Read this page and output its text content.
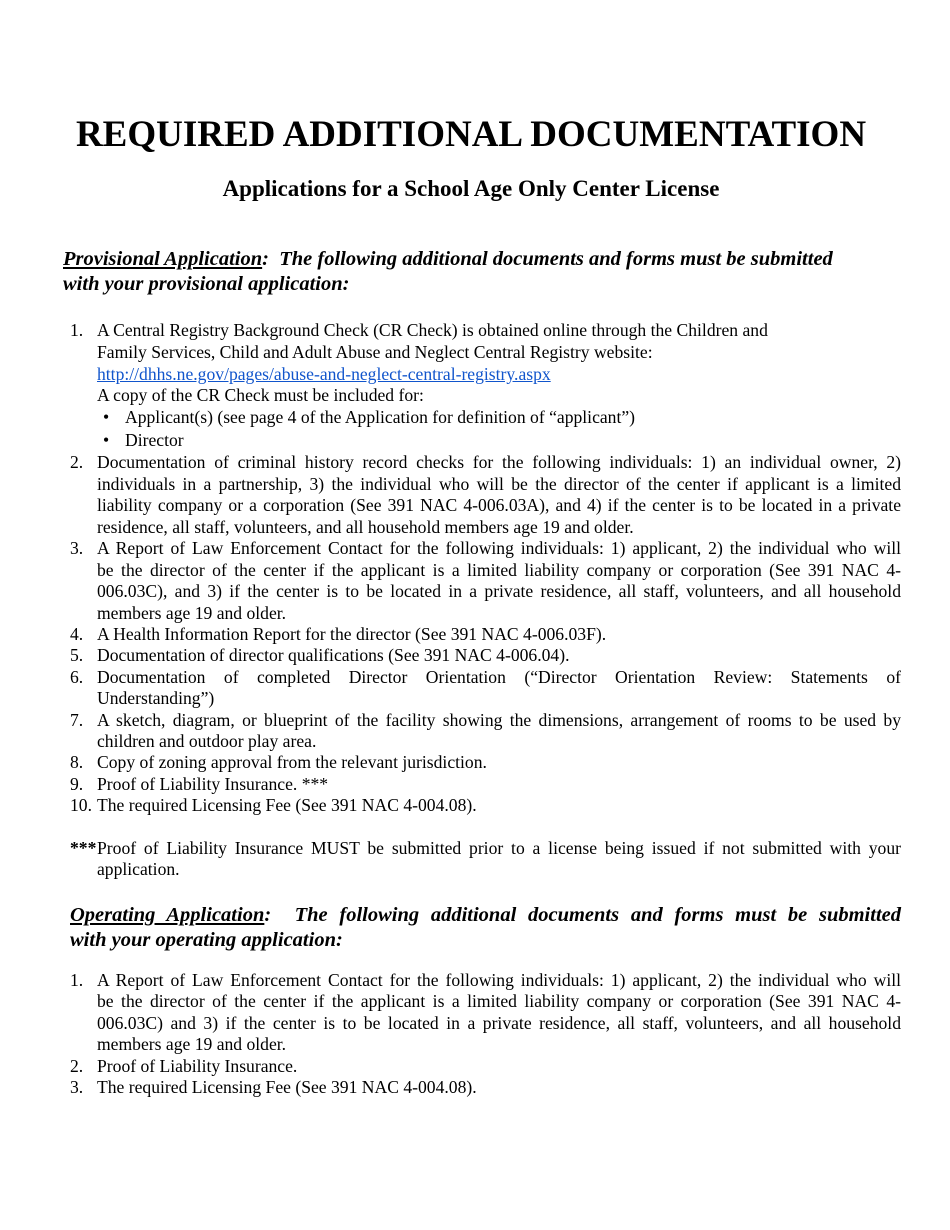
REQUIRED ADDITIONAL DOCUMENTATION
Applications for a School Age Only Center License
Provisional Application: The following additional documents and forms must be submitted
with your provisional application:
1. A Central Registry Background Check (CR Check) is obtained online through the Children and
Family Services, Child and Adult Abuse and Neglect Central Registry website:
http://dhhs.ne.gov/pages/abuse-and-neglect-central-registry.aspx
A copy of the CR Check must be included for:
• Applicant(s) (see page 4 of the Application for definition of “applicant”)
• Director
2. Documentation of criminal history record checks for the following individuals: 1) an individual owner, 2)
individuals in a partnership, 3) the individual who will be the director of the center if applicant is a limited
liability company or a corporation (See 391 NAC 4-006.03A), and 4) if the center is to be located in a private
residence, all staff, volunteers, and all household members age 19 and older.
3. A Report of Law Enforcement Contact for the following individuals: 1) applicant, 2) the individual who will
be the director of the center if the applicant is a limited liability company or corporation (See 391 NAC 4-
006.03C), and 3) if the center is to be located in a private residence, all staff, volunteers, and all household
members age 19 and older.
4. A Health Information Report for the director (See 391 NAC 4-006.03F).
5. Documentation of director qualifications (See 391 NAC 4-006.04).
6. Documentation of completed Director Orientation (“Director Orientation Review: Statements of
Understanding”)
7. A sketch, diagram, or blueprint of the facility showing the dimensions, arrangement of rooms to be used by
children and outdoor play area.
8. Copy of zoning approval from the relevant jurisdiction.
9. Proof of Liability Insurance. ***
10. The required Licensing Fee (See 391 NAC 4-004.08).
*** Proof of Liability Insurance MUST be submitted prior to a license being issued if not submitted with your
application.
Operating Application: The following additional documents and forms must be submitted
with your operating application:
1. A Report of Law Enforcement Contact for the following individuals: 1) applicant, 2) the individual who will
be the director of the center if the applicant is a limited liability company or corporation (See 391 NAC 4-
006.03C) and 3) if the center is to be located in a private residence, all staff, volunteers, and all household
members age 19 and older.
2. Proof of Liability Insurance.
3. The required Licensing Fee (See 391 NAC 4-004.08).
